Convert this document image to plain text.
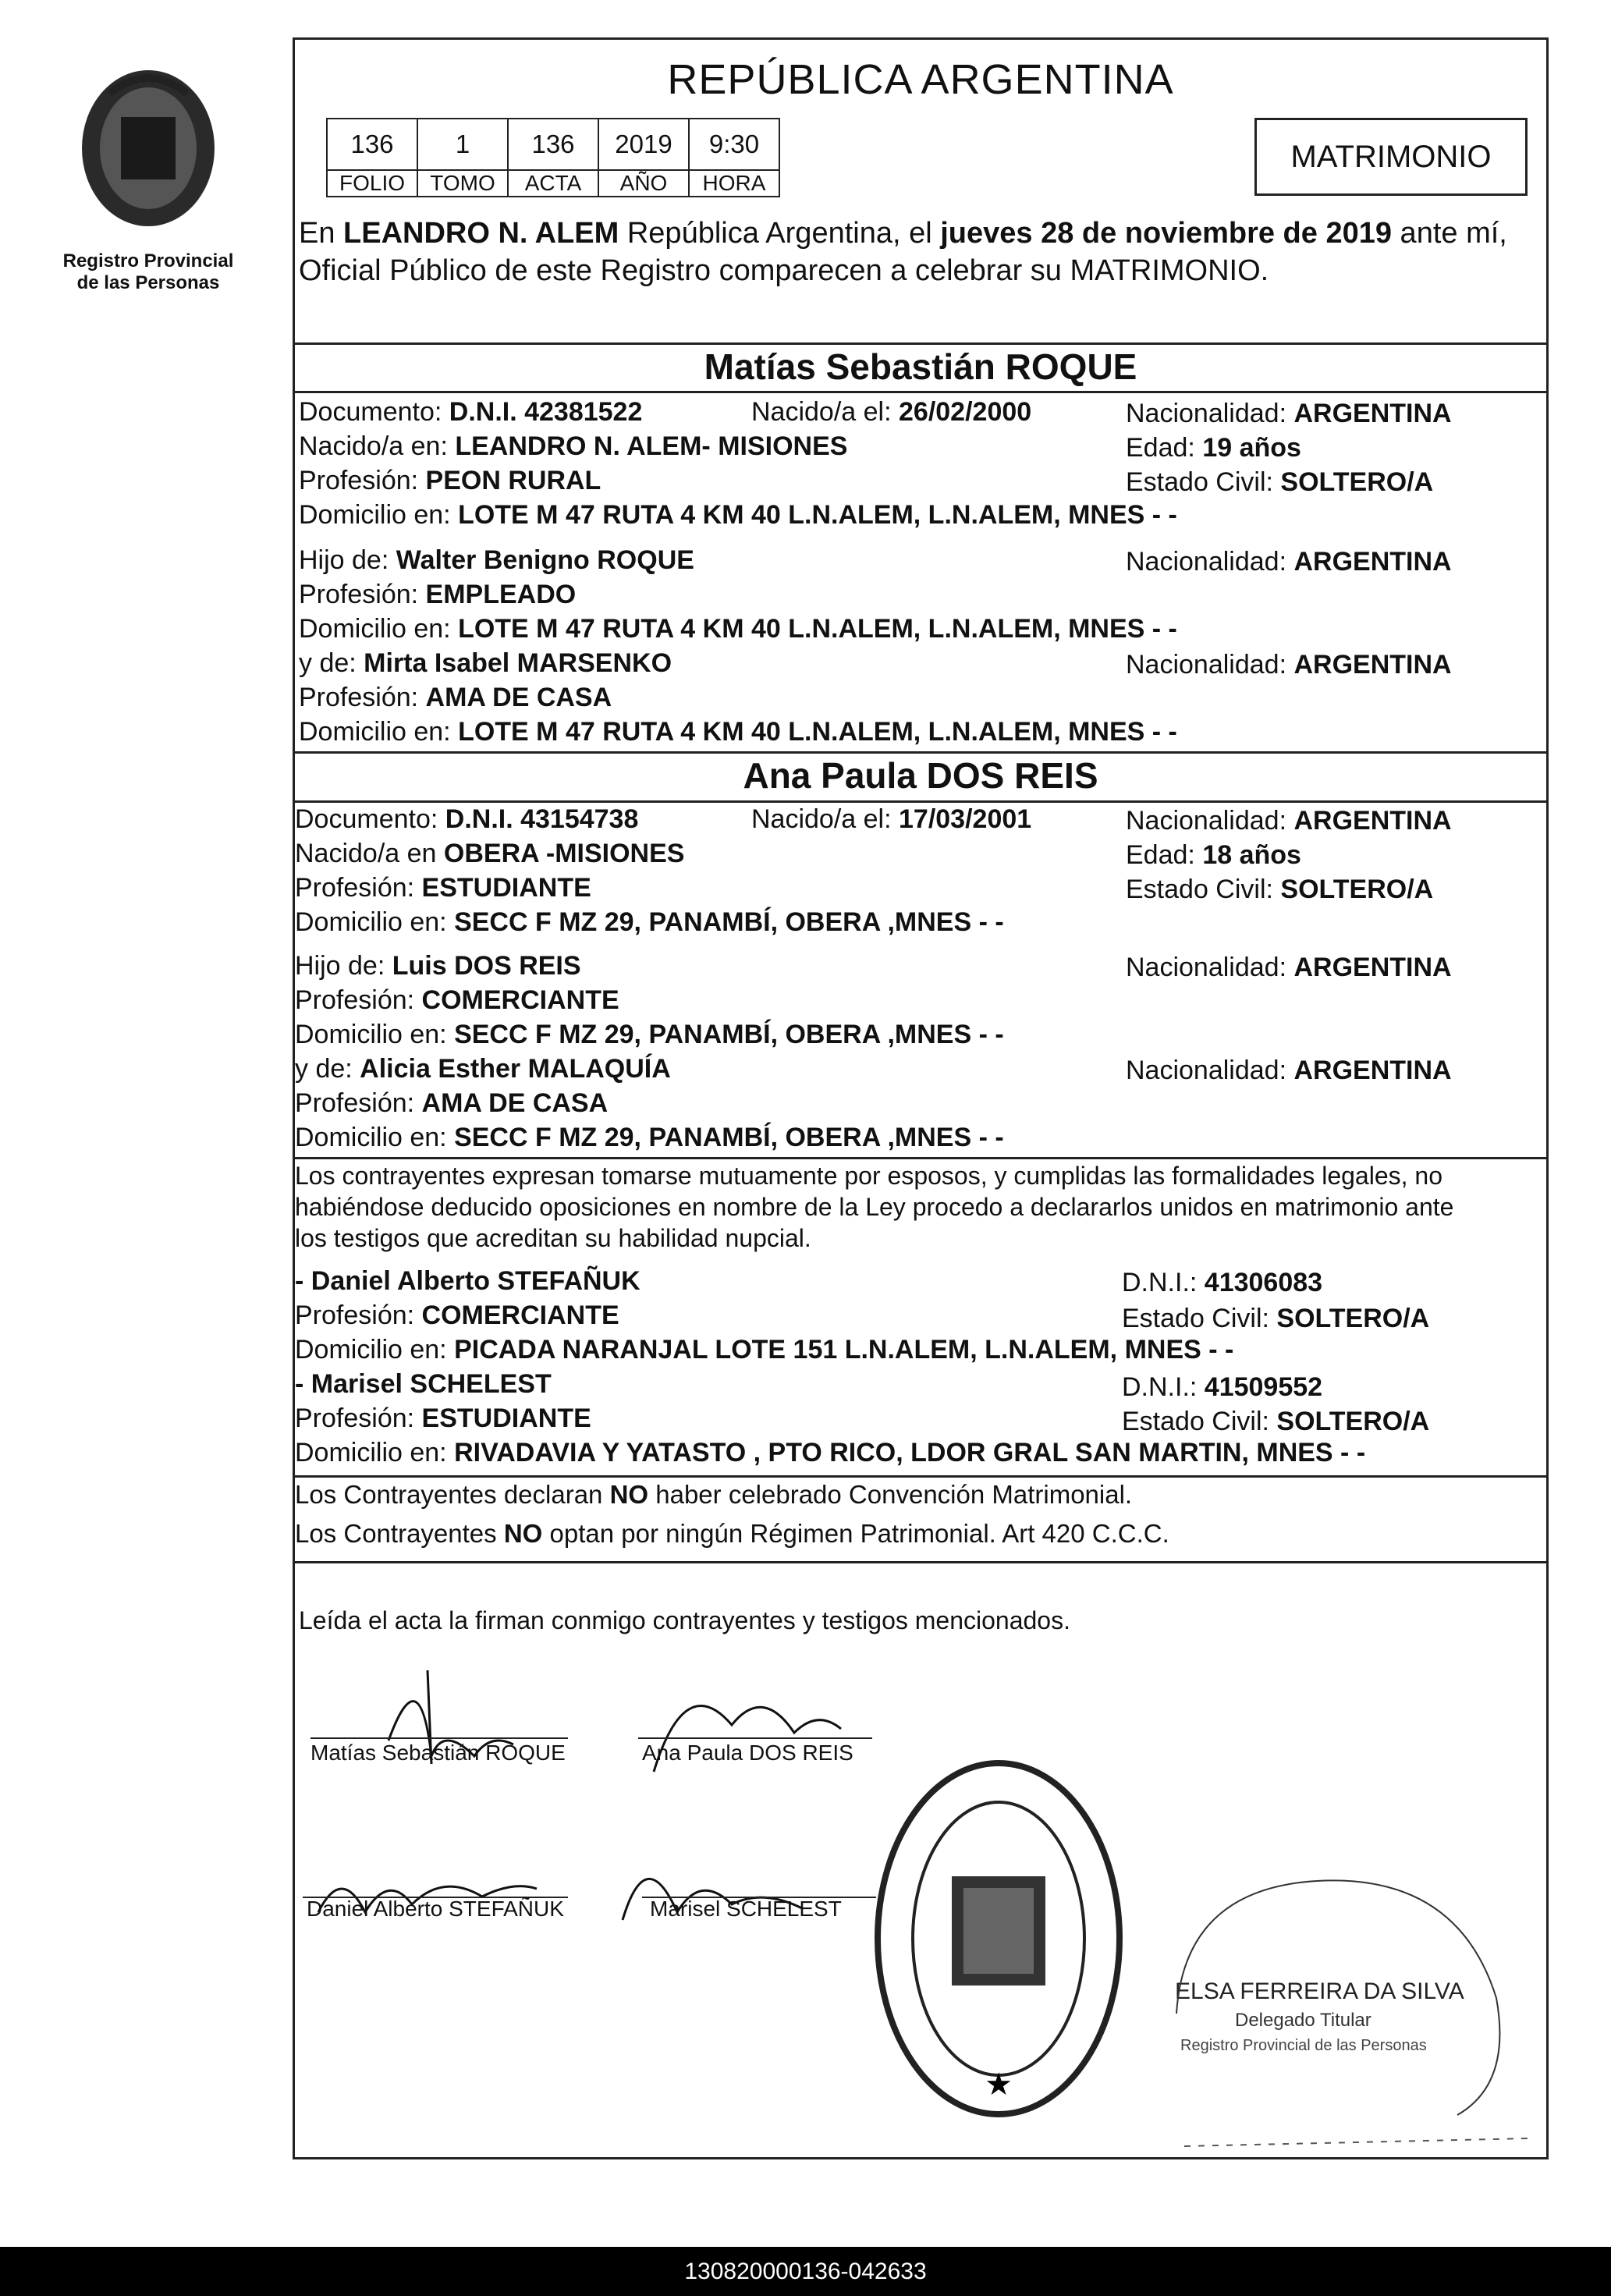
Registro Provincial
de las Personas
REPÚBLICA ARGENTINA
136	1	136	2019	9:30
FOLIO	TOMO	ACTA	AÑO	HORA
MATRIMONIO
En LEANDRO N. ALEM República Argentina, el jueves 28 de noviembre de 2019 ante mí,
Oficial Público de este Registro comparecen a celebrar su MATRIMONIO.
Matías Sebastián ROQUE
Documento: D.N.I. 42381522	Nacido/a el: 26/02/2000	Nacionalidad: ARGENTINA
Nacido/a en: LEANDRO N. ALEM- MISIONES	Edad: 19 años
Profesión: PEON RURAL	Estado Civil: SOLTERO/A
Domicilio en: LOTE M 47 RUTA 4 KM 40 L.N.ALEM, L.N.ALEM, MNES - -
Hijo de: Walter Benigno ROQUE	Nacionalidad: ARGENTINA
Profesión: EMPLEADO
Domicilio en: LOTE M 47 RUTA 4 KM 40 L.N.ALEM, L.N.ALEM, MNES - -
y de: Mirta Isabel MARSENKO	Nacionalidad: ARGENTINA
Profesión: AMA DE CASA
Domicilio en: LOTE M 47 RUTA 4 KM 40 L.N.ALEM, L.N.ALEM, MNES - -
Ana Paula DOS REIS
Documento: D.N.I. 43154738	Nacido/a el: 17/03/2001	Nacionalidad: ARGENTINA
Nacido/a en OBERA -MISIONES	Edad: 18 años
Profesión: ESTUDIANTE	Estado Civil: SOLTERO/A
Domicilio en: SECC F MZ 29, PANAMBÍ, OBERA ,MNES - -
Hijo de: Luis DOS REIS	Nacionalidad: ARGENTINA
Profesión: COMERCIANTE
Domicilio en: SECC F MZ 29, PANAMBÍ, OBERA ,MNES - -
y de: Alicia Esther MALAQUÍA	Nacionalidad: ARGENTINA
Profesión: AMA DE CASA
Domicilio en: SECC F MZ 29, PANAMBÍ, OBERA ,MNES - -
Los contrayentes expresan tomarse mutuamente por esposos, y cumplidas las formalidades legales, no
habiéndose deducido oposiciones en nombre de la Ley procedo a declararlos unidos en matrimonio ante
los testigos que acreditan su habilidad nupcial.
- Daniel Alberto STEFAÑUK	D.N.I.: 41306083
Profesión: COMERCIANTE	Estado Civil: SOLTERO/A
Domicilio en: PICADA NARANJAL LOTE 151 L.N.ALEM, L.N.ALEM, MNES - -
- Marisel SCHELEST	D.N.I.: 41509552
Profesión: ESTUDIANTE	Estado Civil: SOLTERO/A
Domicilio en: RIVADAVIA Y YATASTO , PTO RICO, LDOR GRAL SAN MARTIN, MNES - -
Los Contrayentes declaran NO haber celebrado Convención Matrimonial.
Los Contrayentes NO optan por ningún Régimen Patrimonial. Art 420 C.C.C.
Leída el acta la firman conmigo contrayentes y testigos mencionados.
Matías Sebastián ROQUE	Ana Paula DOS REIS
Daniel Alberto STEFAÑUK	Marisel SCHELEST
ELSA FERREIRA DA SILVA
Delegado Titular
Registro Provincial de las Personas
★
130820000136-042633
